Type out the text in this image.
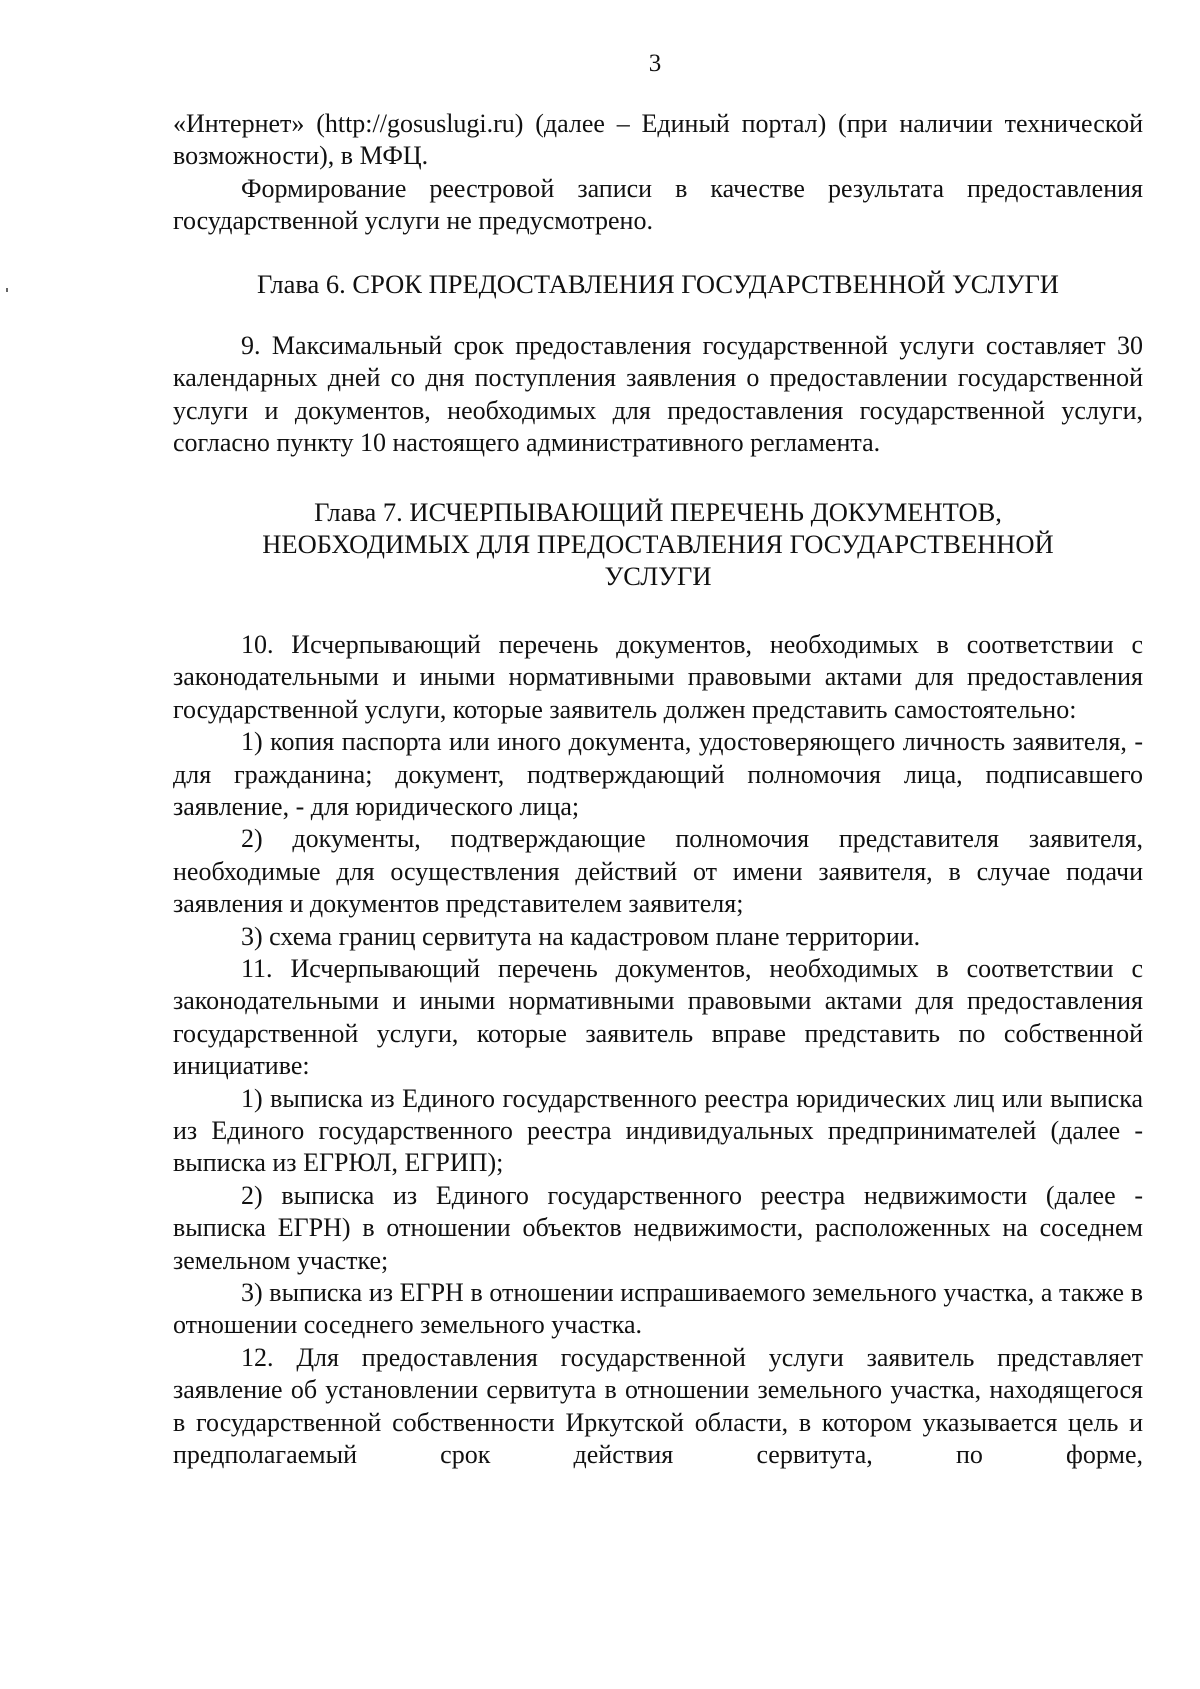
3

«Интернет» (http://gosuslugi.ru) (далее – Единый портал) (при наличии технической возможности), в МФЦ.

Формирование реестровой записи в качестве результата предоставления государственной услуги не предусмотрено.

Глава 6. СРОК ПРЕДОСТАВЛЕНИЯ ГОСУДАРСТВЕННОЙ УСЛУГИ

9. Максимальный срок предоставления государственной услуги составляет 30 календарных дней со дня поступления заявления о предоставлении государственной услуги и документов, необходимых для предоставления государственной услуги, согласно пункту 10 настоящего административного регламента.

Глава 7. ИСЧЕРПЫВАЮЩИЙ ПЕРЕЧЕНЬ ДОКУМЕНТОВ,
НЕОБХОДИМЫХ ДЛЯ ПРЕДОСТАВЛЕНИЯ ГОСУДАРСТВЕННОЙ
УСЛУГИ

10. Исчерпывающий перечень документов, необходимых в соответствии с законодательными и иными нормативными правовыми актами для предоставления государственной услуги, которые заявитель должен представить самостоятельно:

1) копия паспорта или иного документа, удостоверяющего личность заявителя, - для гражданина; документ, подтверждающий полномочия лица, подписавшего заявление, - для юридического лица;

2) документы, подтверждающие полномочия представителя заявителя, необходимые для осуществления действий от имени заявителя, в случае подачи заявления и документов представителем заявителя;

3) схема границ сервитута на кадастровом плане территории.

11. Исчерпывающий перечень документов, необходимых в соответствии с законодательными и иными нормативными правовыми актами для предоставления государственной услуги, которые заявитель вправе представить по собственной инициативе:

1) выписка из Единого государственного реестра юридических лиц или выписка из Единого государственного реестра индивидуальных предпринимателей (далее - выписка из ЕГРЮЛ, ЕГРИП);

2) выписка из Единого государственного реестра недвижимости (далее - выписка ЕГРН) в отношении объектов недвижимости, расположенных на соседнем земельном участке;

3) выписка из ЕГРН в отношении испрашиваемого земельного участка, а также в отношении соседнего земельного участка.

12. Для предоставления государственной услуги заявитель представляет заявление об установлении сервитута в отношении земельного участка, находящегося в государственной собственности Иркутской области, в котором указывается цель и предполагаемый срок действия сервитута, по форме,
